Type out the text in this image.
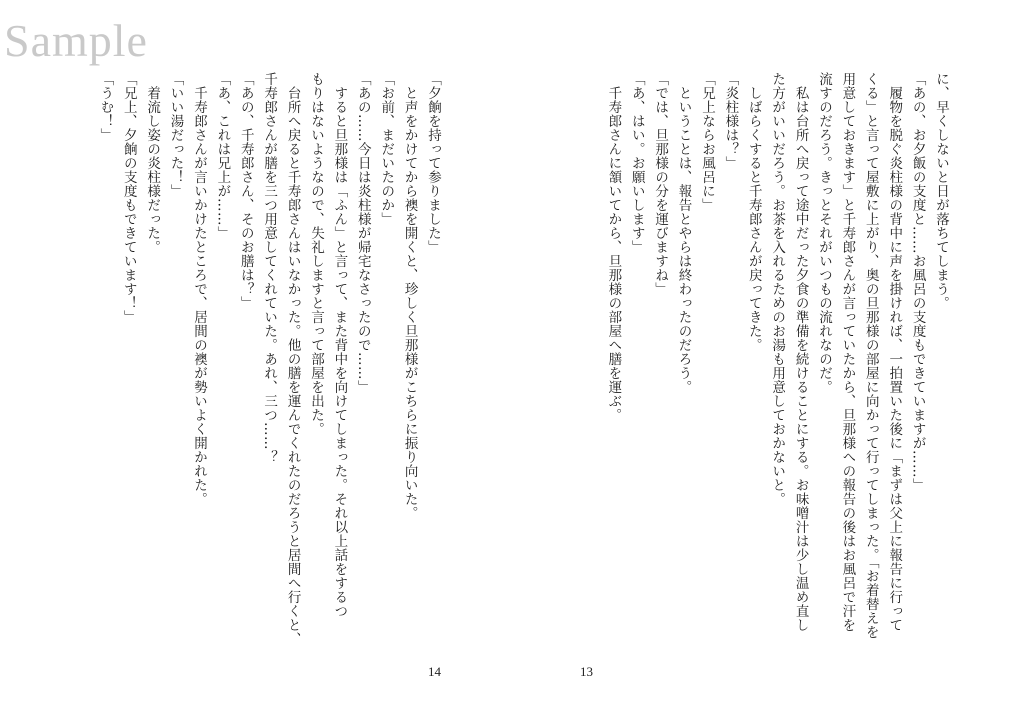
Sample
に、早くしないと日が落ちてしまう。
「あの、お夕飯の支度と……お風呂の支度もできていますが……」
　履物を脱ぐ炎柱様の背中に声を掛ければ、一拍置いた後に「まずは父上に報告に行って
くる」と言って屋敷に上がり、奥の旦那様の部屋に向かって行ってしまった。「お着替えを
用意しておきます」と千寿郎さんが言っていたから、旦那様への報告の後はお風呂で汗を
流すのだろう。きっとそれがいつもの流れなのだ。
　私は台所へ戻って途中だった夕食の準備を続けることにする。お味噌汁は少し温め直し
た方がいいだろう。お茶を入れるためのお湯も用意しておかないと。
　しばらくすると千寿郎さんが戻ってきた。
「炎柱様は？」
「兄上ならお風呂に」
　ということは、報告とやらは終わったのだろう。
「では、旦那様の分を運びますね」
「あ、はい。お願いします」
　千寿郎さんに頷いてから、旦那様の部屋へ膳を運ぶ。
「夕餉を持って参りました」
　と声をかけてから襖を開くと、珍しく旦那様がこちらに振り向いた。
「お前、まだいたのか」
「あの……今日は炎柱様が帰宅なさったので……」
　すると旦那様は「ふん」と言って、また背中を向けてしまった。それ以上話をするつ
もりはないようなので、失礼しますと言って部屋を出た。
　台所へ戻ると千寿郎さんはいなかった。他の膳を運んでくれたのだろうと居間へ行くと、
千寿郎さんが膳を三つ用意してくれていた。あれ、三つ……？
「あの、千寿郎さん、そのお膳は？」
「あ、これは兄上が……」
　千寿郎さんが言いかけたところで、居間の襖が勢いよく開かれた。
「いい湯だった！」
　着流し姿の炎柱様だった。
「兄上、夕餉の支度もできています！」
「うむ！」
14	13
